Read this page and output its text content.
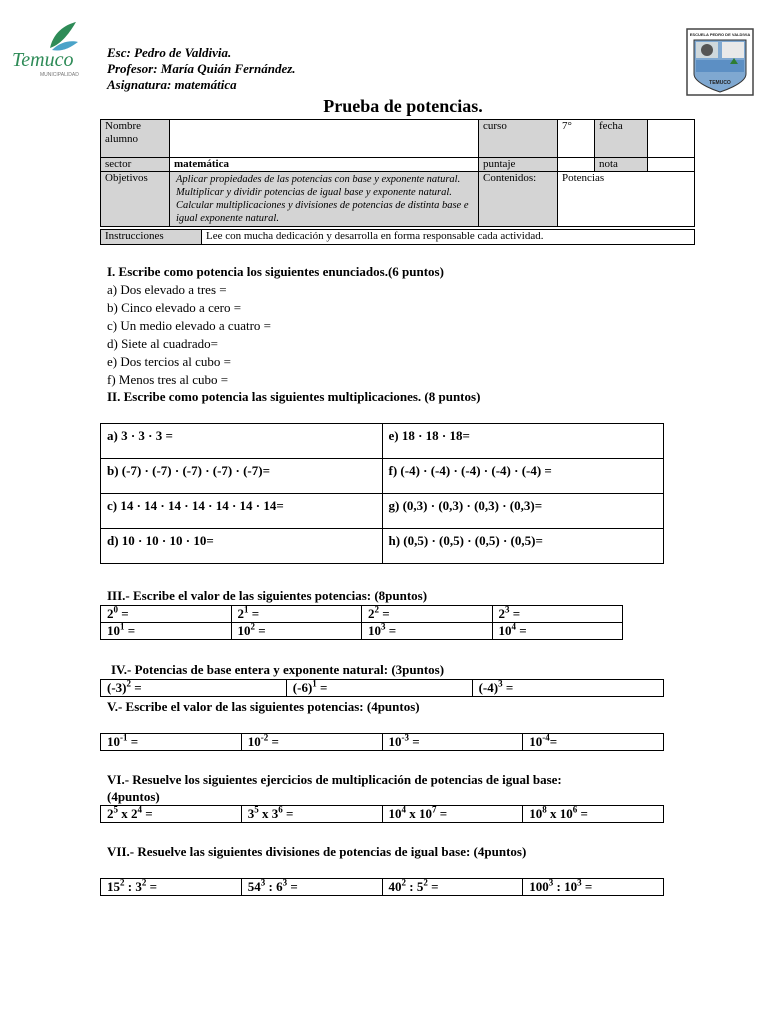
Temuco
MUNICIPALIDAD
ESCUELA PEDRO DE VALDIVIA
TEMUCO
Esc: Pedro de Valdivia.
Profesor: María Quián Fernández.
Asignatura: matemática
Prueba de potencias.
Nombre alumno		curso	7°	fecha	
sector	matemática	puntaje		nota	
Objetivos	Aplicar propiedades de las potencias con base y exponente natural. Multiplicar y dividir potencias de igual base y exponente natural. Calcular multiplicaciones y divisiones de potencias de distinta base e igual exponente natural.	Contenidos:	Potencias		
Instrucciones	Lee con mucha dedicación y desarrolla en forma responsable cada actividad.
I. Escribe como potencia los siguientes enunciados.(6 puntos)
a) Dos elevado a tres =
b) Cinco elevado a cero =
c) Un medio elevado a cuatro =
d) Siete al cuadrado=
e) Dos tercios al cubo =
f) Menos tres al cubo =
II. Escribe como potencia las siguientes multiplicaciones. (8 puntos)
a) 3 · 3 · 3 =	e) 18 · 18 · 18=
b) (-7) · (-7) · (-7) · (-7) · (-7)=	f) (-4) · (-4) · (-4) · (-4) · (-4) =
c) 14 · 14 · 14 · 14 · 14 · 14 · 14=	g) (0,3) · (0,3) · (0,3) · (0,3)=
d) 10 · 10 · 10 · 10=	h) (0,5) · (0,5) · (0,5) · (0,5)=
III.- Escribe el valor de las siguientes potencias: (8puntos)
$2^0$ =	$2^1$ =	$2^2$ =	$2^3$ =
$10^1$ =	$10^2$ =	$10^3$ =	$10^4$ =
IV.- Potencias de base entera y exponente natural: (3puntos)
$(-3)^2$ =	$(-6)^1$ =	$(-4)^3$ =
V.- Escribe el valor de las siguientes potencias: (4puntos)
$10^{-1}$ =	$10^{-2}$ =	$10^{-3}$ =	$10^{-4}=$
VI.- Resuelve los siguientes ejercicios de multiplicación de potencias de igual base:
(4puntos)
$2^5$ x $2^4$ =	$3^5$ x $3^6$ =	$10^4$ x $10^7$ =	$10^8$ x $10^6$ =
VII.- Resuelve las siguientes divisiones de potencias de igual base: (4puntos)
$15^2$ : $3^2$ =	$54^3$ : $6^3$ =	$40^2$ : $5^2$ =	$100^3$ : $10^3$ =
